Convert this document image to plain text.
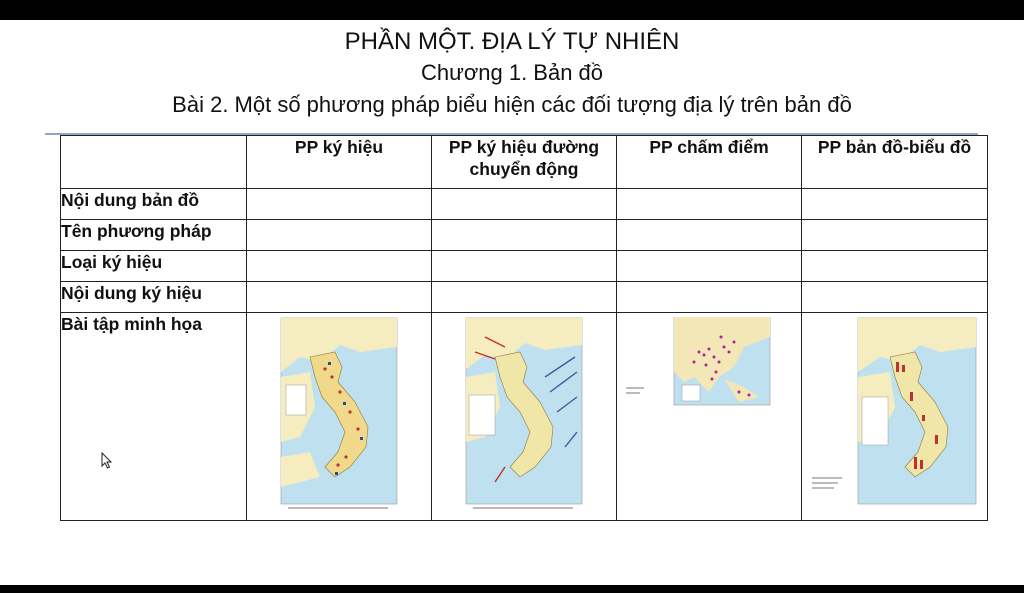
PHẦN MỘT. ĐỊA LÝ TỰ NHIÊN
Chương 1. Bản đồ
Bài 2. Một số phương pháp biểu hiện các đối tượng địa lý trên bản đồ
	PP ký hiệu	PP ký hiệu đường chuyển động	PP chấm điểm	PP bản đồ-biểu đồ
Nội dung bản đồ				
Tên phương pháp				
Loại ký hiệu				
Nội dung ký hiệu				
Bài tập minh họa	
